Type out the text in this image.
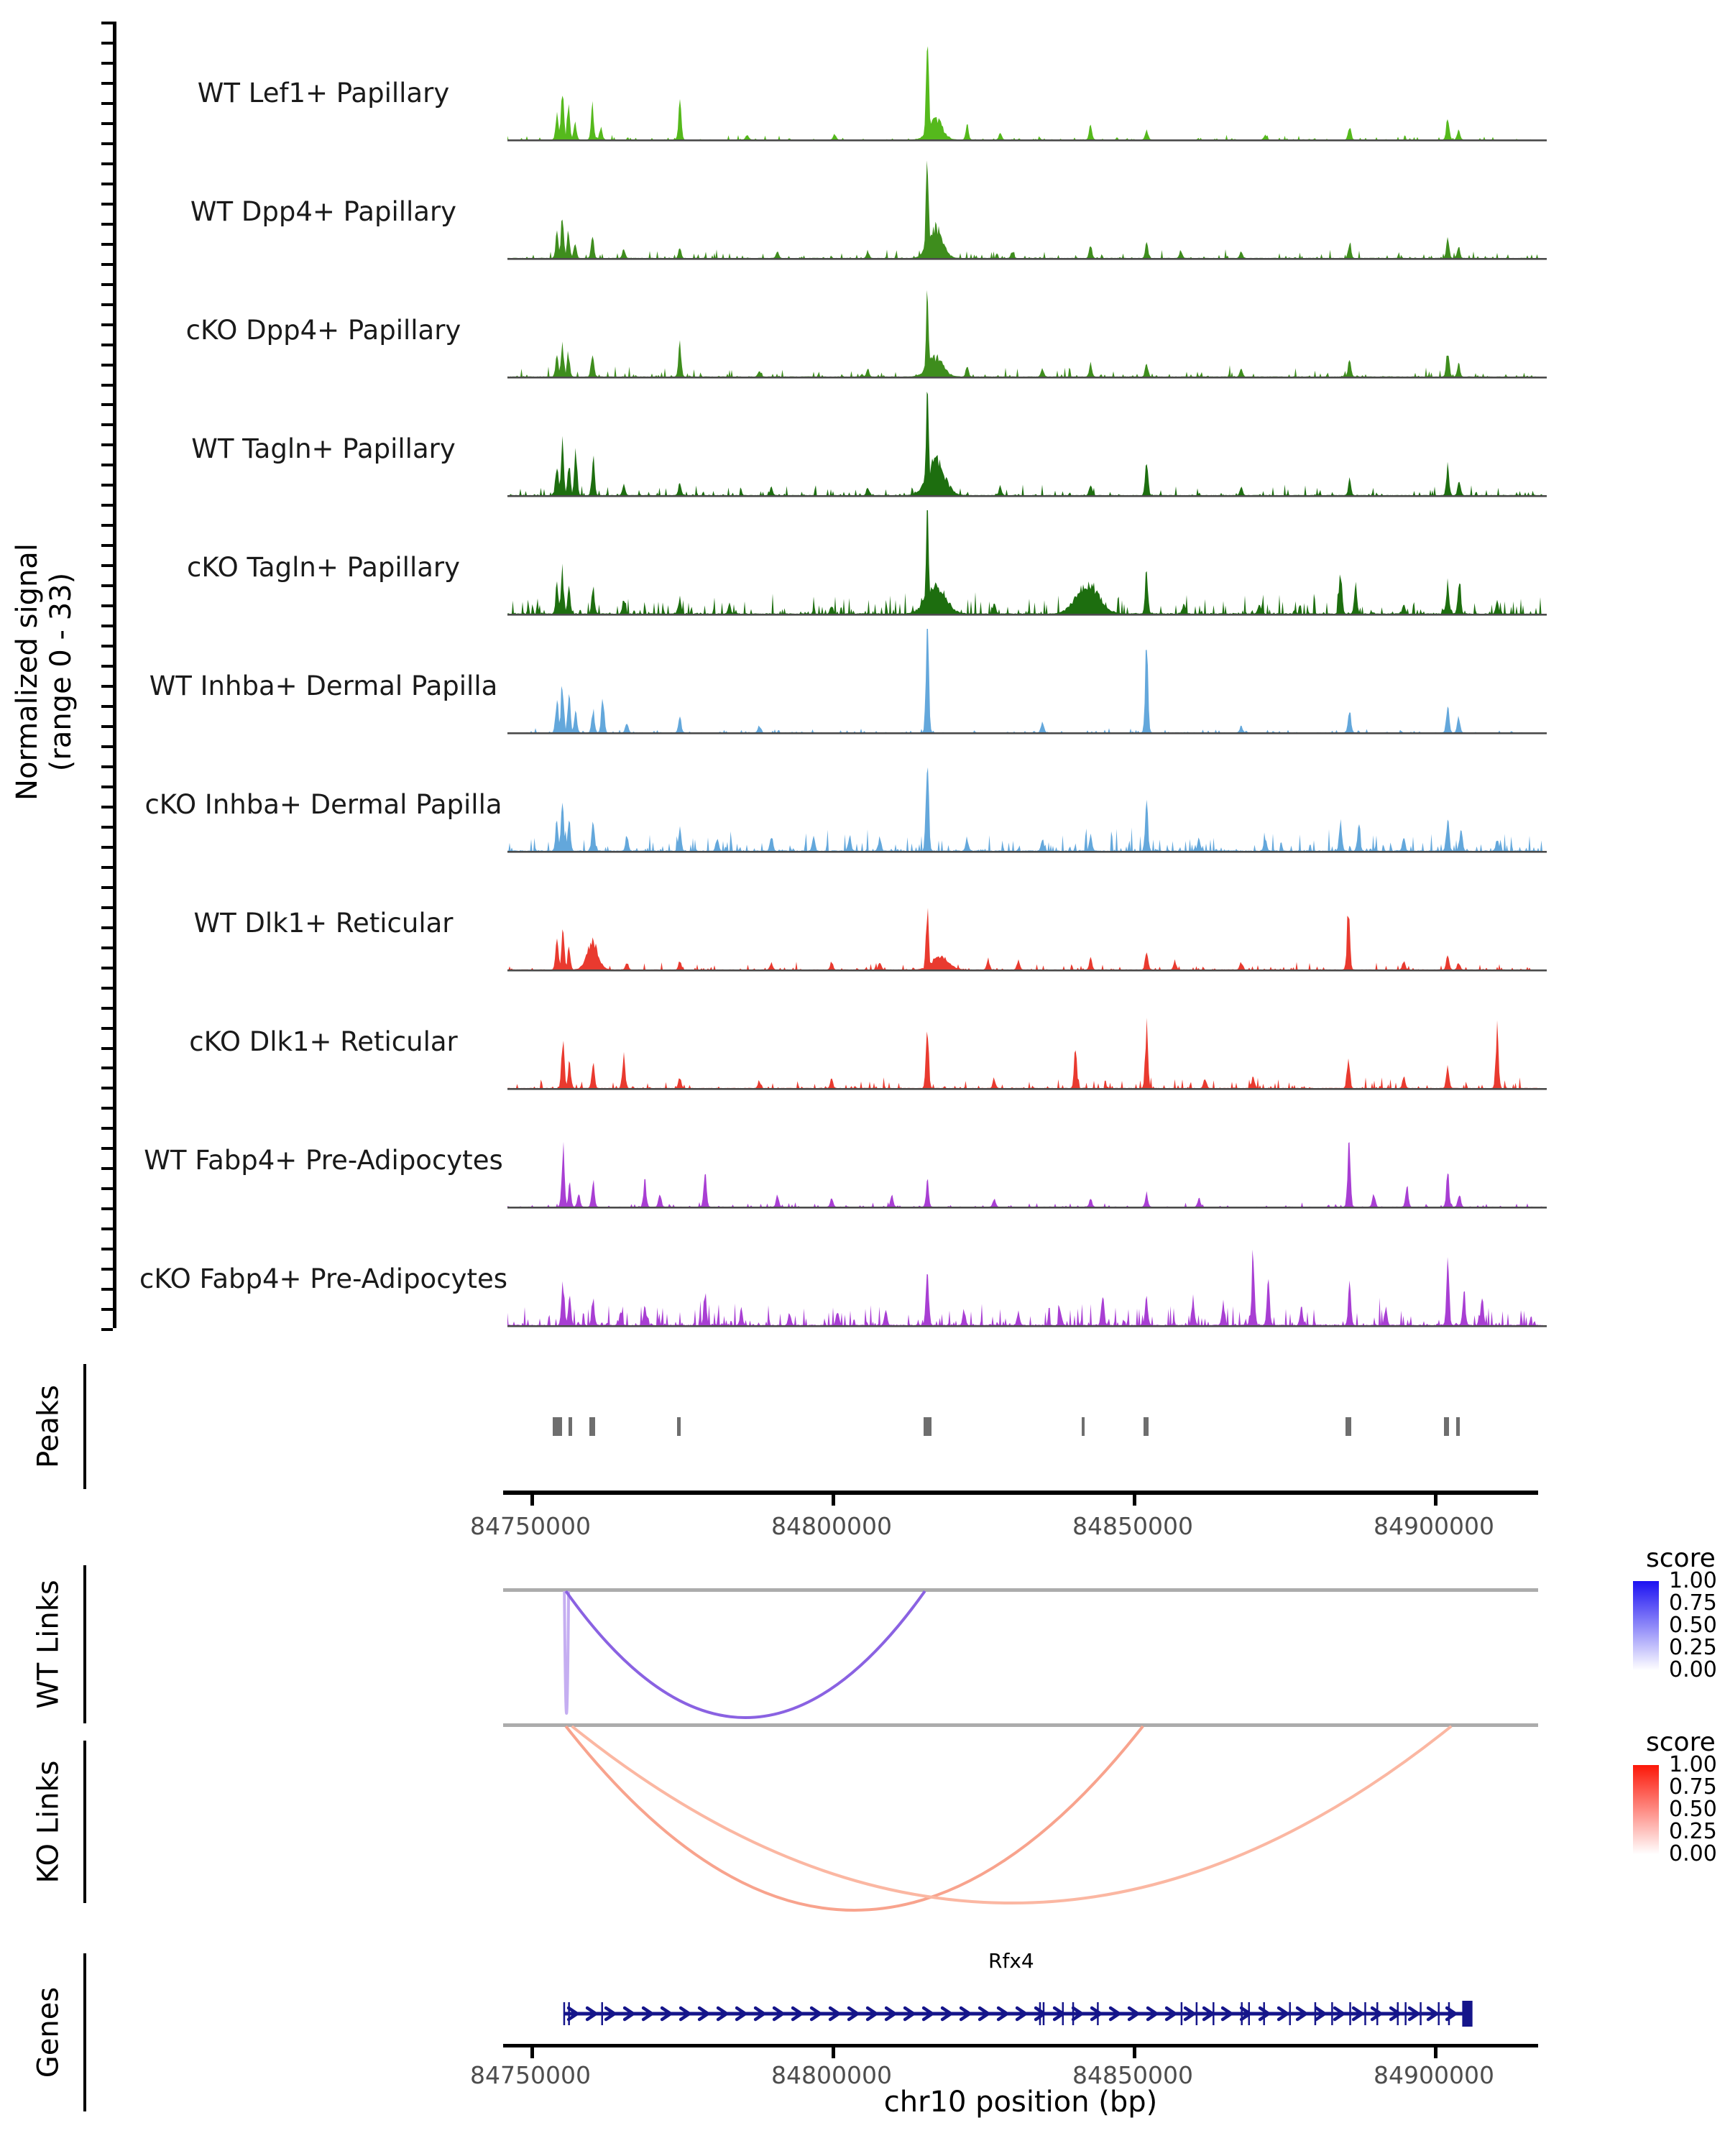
Normalized signal (range 0 - 33)
WT Lef1+ Papillary
WT Dpp4+ Papillary
cKO Dpp4+ Papillary
WT Tagln+ Papillary
cKO Tagln+ Papillary
WT Inhba+ Dermal Papilla
cKO Inhba+ Dermal Papilla
WT Dlk1+ Reticular
cKO Dlk1+ Reticular
WT Fabp4+ Pre-Adipocytes
cKO Fabp4+ Pre-Adipocytes
Peaks
84750000	84800000	84850000	84900000
WT Links
score
1.00
0.75
0.50
0.25
0.00
KO Links
score
1.00
0.75
0.50
0.25
0.00
Genes
Rfx4
84750000	84800000	84850000	84900000
chr10 position (bp)
